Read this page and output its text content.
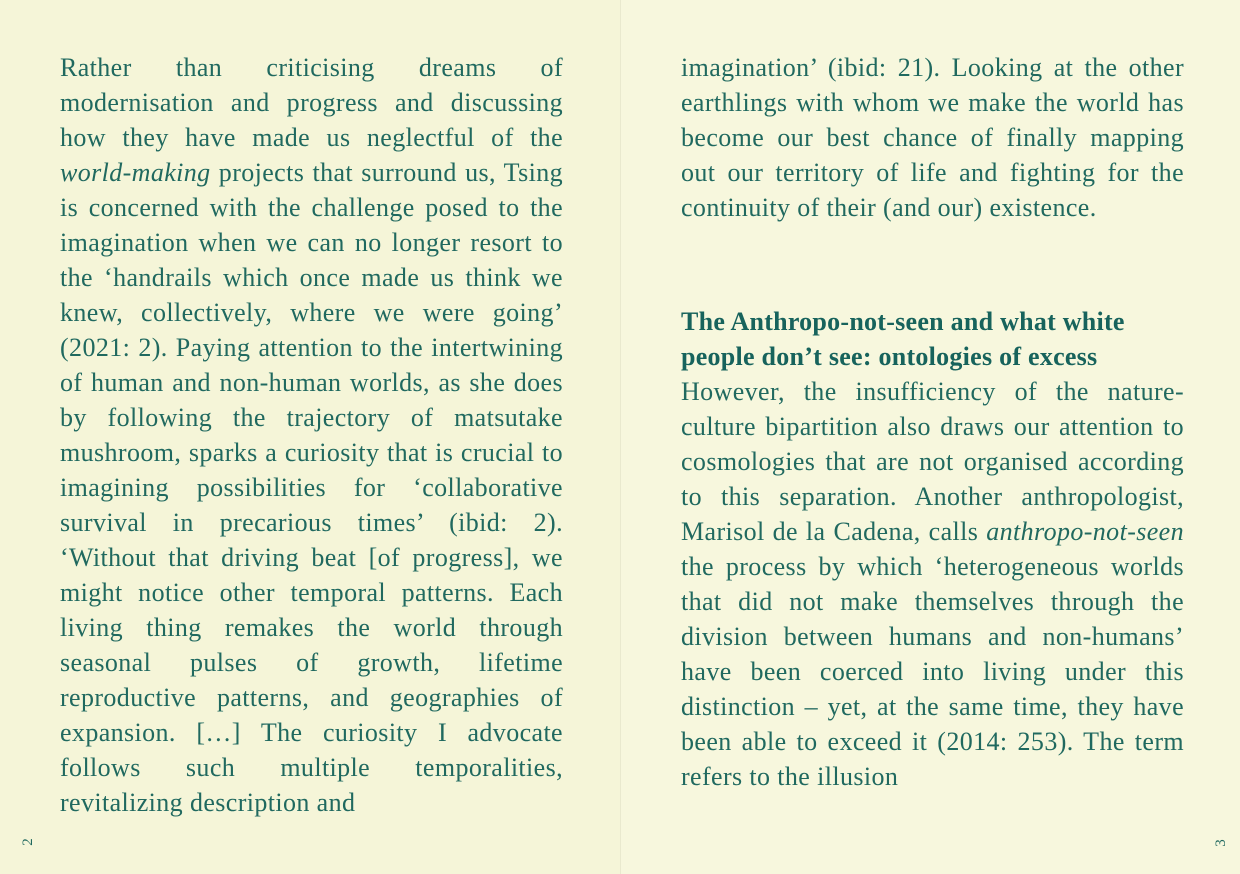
Rather than criticising dreams of modernisation and progress and discussing how they have made us neglectful of the world-making projects that surround us, Tsing is concerned with the challenge posed to the imagination when we can no longer resort to the ‘handrails which once made us think we knew, collectively, where we were going’ (2021: 2). Paying attention to the intertwining of human and non-human worlds, as she does by following the trajectory of matsutake mushroom, sparks a curiosity that is crucial to imagining possibilities for ‘collaborative survival in precarious times’ (ibid: 2). ‘Without that driving beat [of progress], we might notice other temporal patterns. Each living thing remakes the world through seasonal pulses of growth, lifetime reproductive patterns, and geographies of expansion. […] The curiosity I advocate follows such multiple temporalities, revitalizing description and

2

imagination’ (ibid: 21). Looking at the other earthlings with whom we make the world has become our best chance of finally mapping out our territory of life and fighting for the continuity of their (and our) existence.

The Anthropo-not-seen and what white people don’t see: ontologies of excess

However, the insufficiency of the nature-culture bipartition also draws our attention to cosmologies that are not organised according to this separation. Another anthropologist, Marisol de la Cadena, calls anthropo-not-seen the process by which ‘heterogeneous worlds that did not make themselves through the division between humans and non-humans’ have been coerced into living under this distinction – yet, at the same time, they have been able to exceed it (2014: 253). The term refers to the illusion

3
